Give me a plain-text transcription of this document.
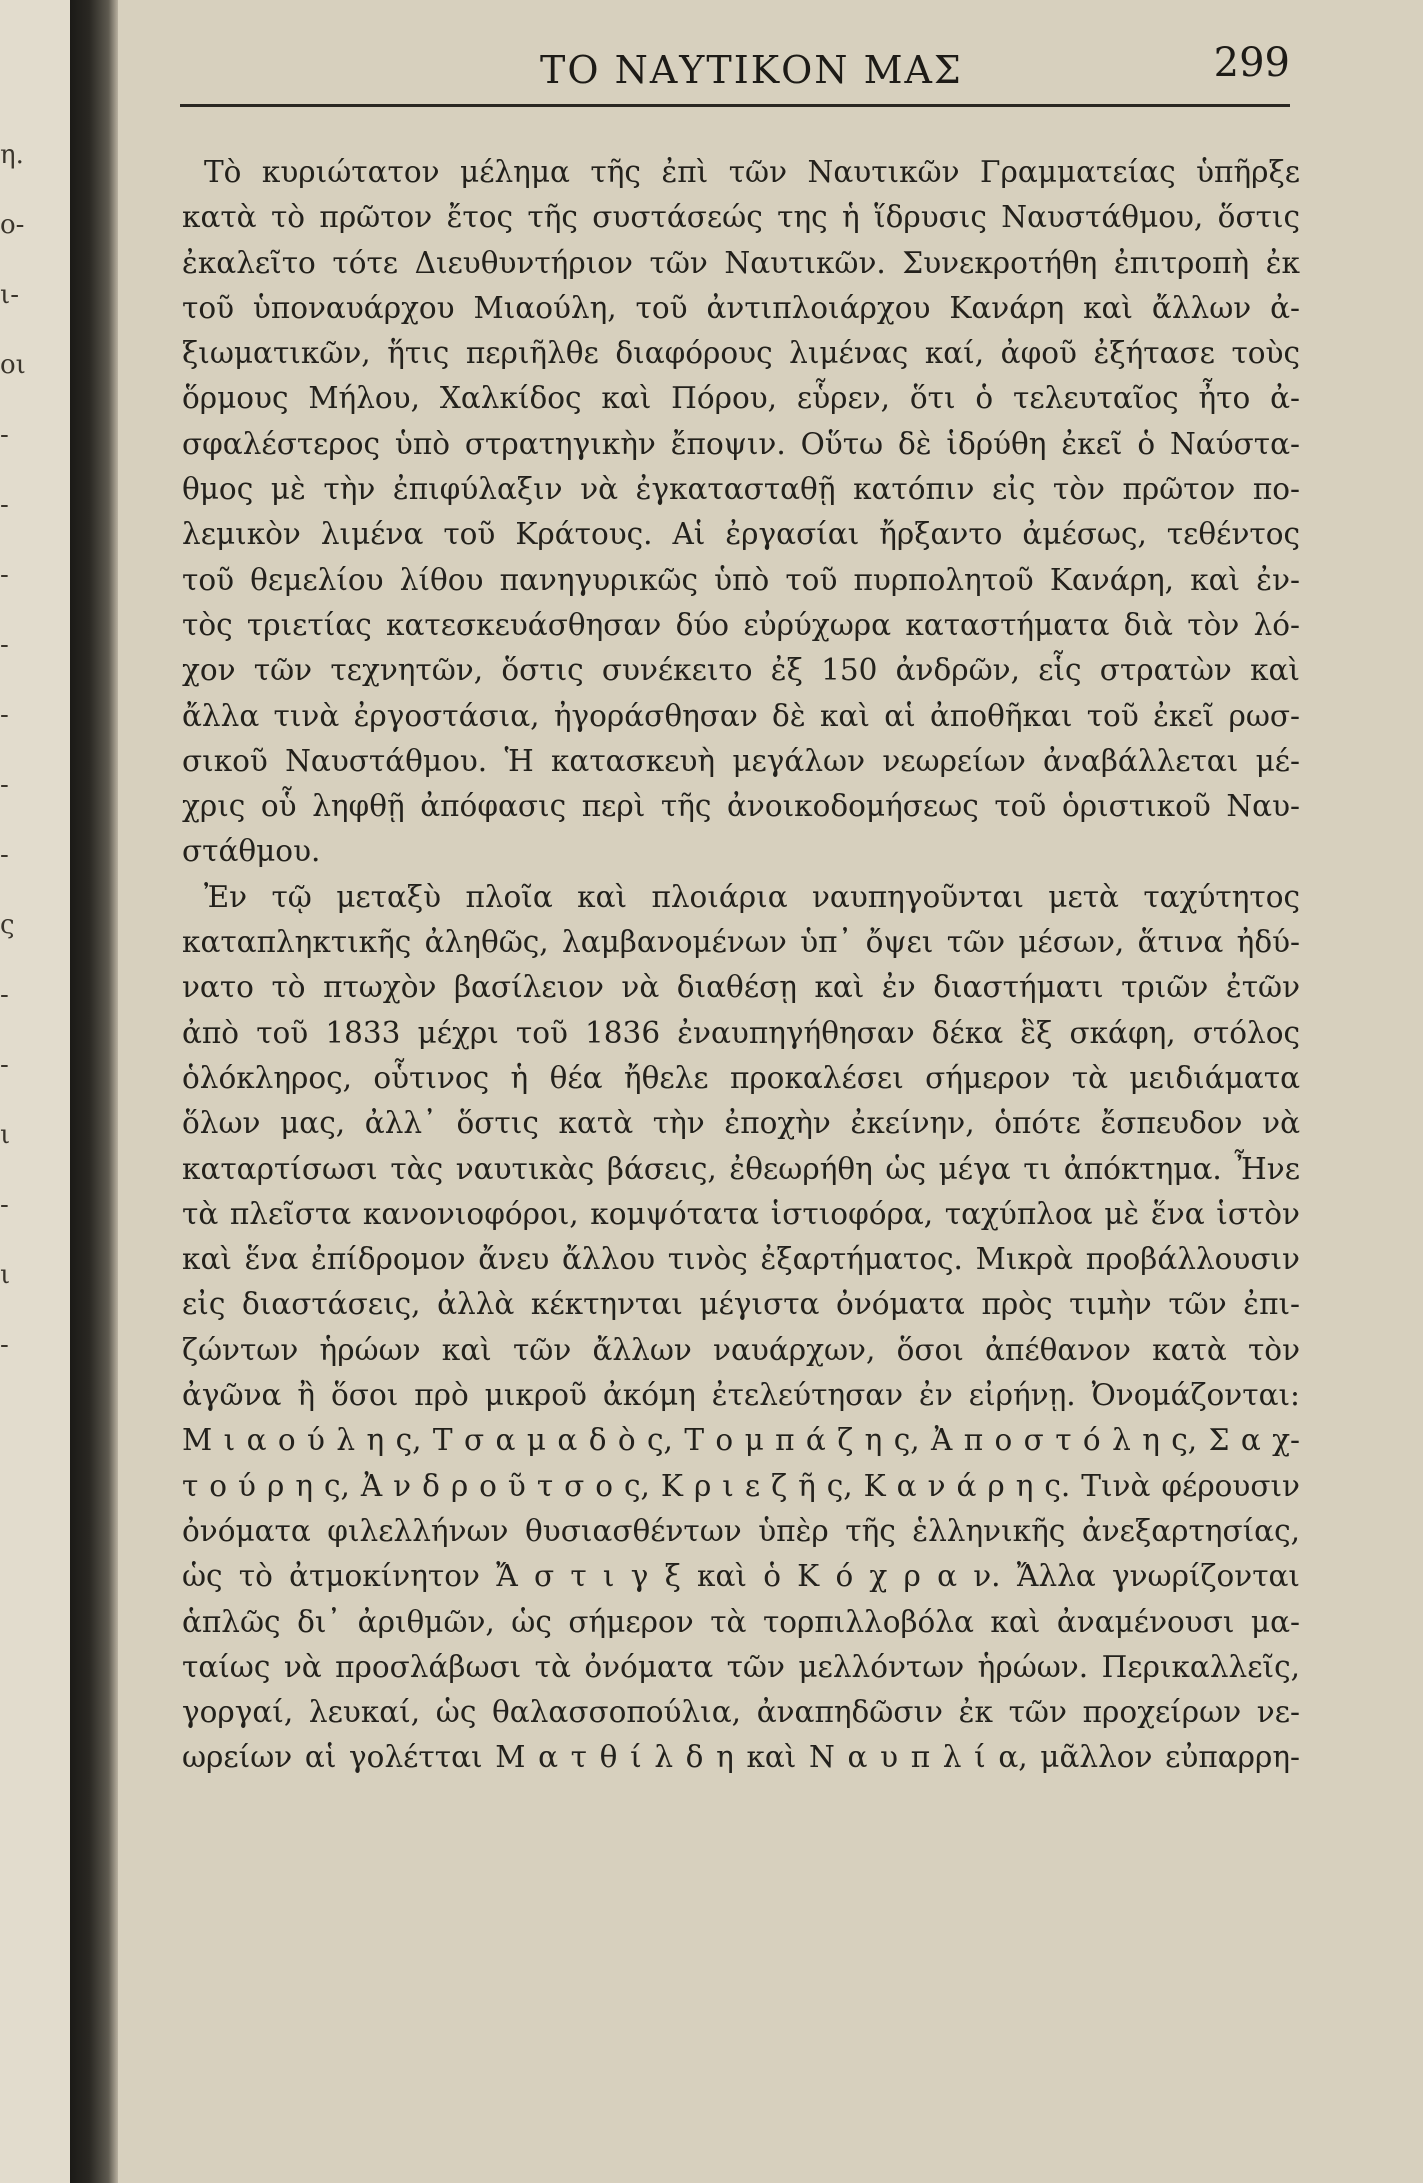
η.
ο-
ι-
οι
-
-
-
-
-
-
-
ς
-
-
ι
-
ι
-
ΤΟ ΝΑΥΤΙΚΟΝ ΜΑΣ	299
Τὸ κυριώτατον μέλημα τῆς ἐπὶ τῶν Ναυτικῶν Γραμματείας ὑπῆρξε
κατὰ τὸ πρῶτον ἔτος τῆς συστάσεώς της ἡ ἵδρυσις Ναυστάθμου, ὅστις
ἐκαλεῖτο τότε Διευθυντήριον τῶν Ναυτικῶν. Συνεκροτήθη ἐπιτροπὴ ἐκ
τοῦ ὑποναυάρχου Μιαούλη, τοῦ ἀντιπλοιάρχου Κανάρη καὶ ἄλλων ἀ-
ξιωματικῶν, ἥτις περιῆλθε διαφόρους λιμένας καί, ἀφοῦ ἐξήτασε τοὺς
ὅρμους Μήλου, Χαλκίδος καὶ Πόρου, εὗρεν, ὅτι ὁ τελευταῖος ἦτο ἀ-
σφαλέστερος ὑπὸ στρατηγικὴν ἔποψιν. Οὕτω δὲ ἱδρύθη ἐκεῖ ὁ Ναύστα-
θμος μὲ τὴν ἐπιφύλαξιν νὰ ἐγκατασταθῇ κατόπιν εἰς τὸν πρῶτον πο-
λεμικὸν λιμένα τοῦ Κράτους. Αἱ ἐργασίαι ἤρξαντο ἀμέσως, τεθέντος
τοῦ θεμελίου λίθου πανηγυρικῶς ὑπὸ τοῦ πυρπολητοῦ Κανάρη, καὶ ἐν-
τὸς τριετίας κατεσκευάσθησαν δύο εὐρύχωρα καταστήματα διὰ τὸν λό-
χον τῶν τεχνητῶν, ὅστις συνέκειτο ἐξ 150 ἀνδρῶν, εἷς στρατὼν καὶ
ἄλλα τινὰ ἐργοστάσια, ἠγοράσθησαν δὲ καὶ αἱ ἀποθῆκαι τοῦ ἐκεῖ ρωσ-
σικοῦ Ναυστάθμου. Ἡ κατασκευὴ μεγάλων νεωρείων ἀναβάλλεται μέ-
χρις οὗ ληφθῇ ἀπόφασις περὶ τῆς ἀνοικοδομήσεως τοῦ ὁριστικοῦ Ναυ-
στάθμου.
Ἐν τῷ μεταξὺ πλοῖα καὶ πλοιάρια ναυπηγοῦνται μετὰ ταχύτητος
καταπληκτικῆς ἀληθῶς, λαμβανομένων ὑπ᾽ ὄψει τῶν μέσων, ἅτινα ἠδύ-
νατο τὸ πτωχὸν βασίλειον νὰ διαθέσῃ καὶ ἐν διαστήματι τριῶν ἐτῶν
ἀπὸ τοῦ 1833 μέχρι τοῦ 1836 ἐναυπηγήθησαν δέκα ἓξ σκάφη, στόλος
ὁλόκληρος, οὗτινος ἡ θέα ἤθελε προκαλέσει σήμερον τὰ μειδιάματα
ὅλων μας, ἀλλ᾽ ὅστις κατὰ τὴν ἐποχὴν ἐκείνην, ὁπότε ἔσπευδον νὰ
καταρτίσωσι τὰς ναυτικὰς βάσεις, ἐθεωρήθη ὡς μέγα τι ἀπόκτημα. Ἦνε
τὰ πλεῖστα κανονιοφόροι, κομψότατα ἱστιοφόρα, ταχύπλοα μὲ ἕνα ἱστὸν
καὶ ἕνα ἐπίδρομον ἄνευ ἄλλου τινὸς ἐξαρτήματος. Μικρὰ προβάλλουσιν
εἰς διαστάσεις, ἀλλὰ κέκτηνται μέγιστα ὀνόματα πρὸς τιμὴν τῶν ἐπι-
ζώντων ἡρώων καὶ τῶν ἄλλων ναυάρχων, ὅσοι ἀπέθανον κατὰ τὸν
ἀγῶνα ἢ ὅσοι πρὸ μικροῦ ἀκόμη ἐτελεύτησαν ἐν εἰρήνῃ. Ὀνομάζονται:
Μ ι α ο ύ λ η ς, Τ σ α μ α δ ὸ ς, Τ ο μ π ά ζ η ς, Ἀ π ο σ τ ό λ η ς, Σ α χ-
τ ο ύ ρ η ς, Ἀ ν δ ρ ο ῦ τ σ ο ς, Κ ρ ι ε ζ ῆ ς, Κ α ν ά ρ η ς. Τινὰ φέρουσιν
ὀνόματα φιλελλήνων θυσιασθέντων ὑπὲρ τῆς ἑλληνικῆς ἀνεξαρτησίας,
ὡς τὸ ἀτμοκίνητον Ἄ σ τ ι γ ξ καὶ ὁ Κ ό χ ρ α ν. Ἄλλα γνωρίζονται
ἁπλῶς δι᾽ ἀριθμῶν, ὡς σήμερον τὰ τορπιλλοβόλα καὶ ἀναμένουσι μα-
ταίως νὰ προσλάβωσι τὰ ὀνόματα τῶν μελλόντων ἡρώων. Περικαλλεῖς,
γοργαί, λευκαί, ὡς θαλασσοπούλια, ἀναπηδῶσιν ἐκ τῶν προχείρων νε-
ωρείων αἱ γολέτται Μ α τ θ ί λ δ η καὶ Ν α υ π λ ί α, μᾶλλον εὐπαρρη-
